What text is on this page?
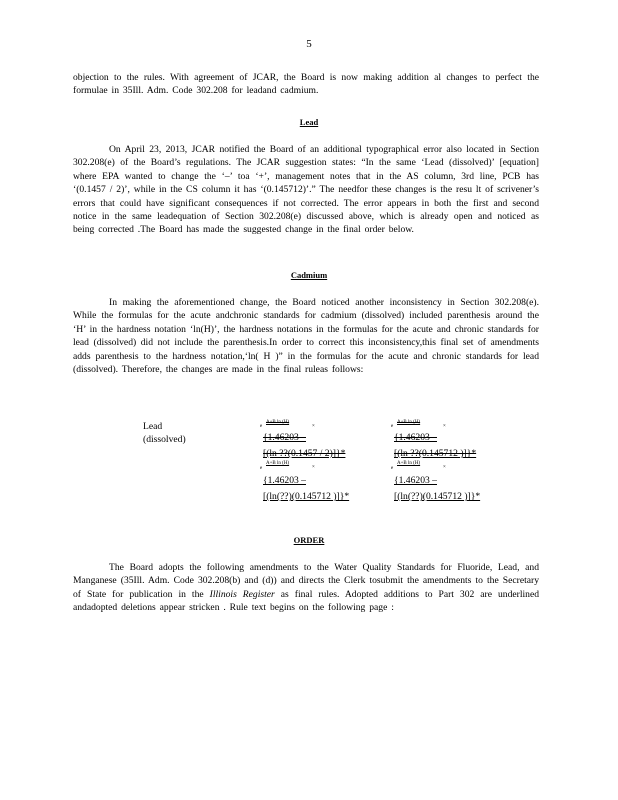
5
objection to the rules. With agreement of JCAR, the Board is now making addition al changes to perfect the formulae in 35Ill. Adm. Code 302.208 for leadand cadmium.
Lead
On April 23, 2013, JCAR notified the Board of an additional typographical error also located in Section 302.208(e) of the Board’s regulations. The JCAR suggestion states: “In the same ‘Lead (dissolved)’ [equation] where EPA wanted to change the ‘–’ toa ‘+’, management notes that in the AS column, 3rd line, PCB has ‘(0.1457 / 2)’, while in the CS column it has ‘(0.145712)’.” The needfor these changes is the resu lt of scrivener’s errors that could have significant consequences if not corrected. The error appears in both the first and second notice in the same leadequation of Section 302.208(e) discussed above, which is already open and noticed as being corrected .The Board has made the suggested change in the final order below.
Cadmium
In making the aforementioned change, the Board noticed another inconsistency in Section 302.208(e). While the formulas for the acute andchronic standards for cadmium (dissolved) included parenthesis around the ‘H’ in the hardness notation ‘ln(H)’, the hardness notations in the formulas for the acute and chronic standards for lead (dissolved) did not include the parenthesis.In order to correct this inconsistency,this final set of amendments adds parenthesis to the hardness notation,‘ln( H )” in the formulas for the acute and chronic standards for lead (dissolved). Therefore, the changes are made in the final ruleas follows:
Lead
(dissolved)
e
A+B ln (H)
×
{1.46203 –
[(ln ??(0.1457 / 2)]}*
e
A+B ln (H)
×
{1.46203 –
[(ln(??)(0.145712 )]}*
e
A+B ln (H)
×
{1.46203 –
[(ln ??(0.145712 )]}*
e
A+B ln (H)
×
{1.46203 –
[(ln(??)(0.145712 )]}*
ORDER
The Board adopts the following amendments to the Water Quality Standards for Fluoride, Lead, and Manganese (35Ill. Adm. Code 302.208(b) and (d)) and directs the Clerk tosubmit the amendments to the Secretary of State for publication in the Illinois Register as final rules. Adopted additions to Part 302 are underlined andadopted deletions appear stricken . Rule text begins on the following page :
